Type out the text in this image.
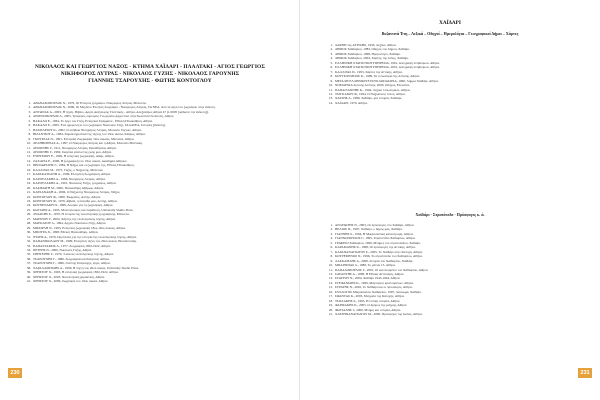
ΝΙΚΟΛΑΟΣ ΚΑΙ ΓΕΩΡΓΙΟΣ ΝΑΞΟΣ - ΚΤΗΜΑ ΧΑΪΔΑΡΙ - ΠΛΑΛΤΑΚΙ - ΑΓΙΟΣ ΓΕΩΡΓΙΟΣ
ΝΙΚΗΦΟΡΟΣ ΛΥΤΡΑΣ - ΝΙΚΟΛΑΟΣ ΓΥΖΗΣ - ΝΙΚΟΛΑΟΣ ΓΑΡΟΥΝΗΣ
ΓΙΑΝΝΗΣ ΤΣΑΡΟΥΧΗΣ - ΦΩΤΗΣ ΚΟΝΤΟΓΛΟΥ
1. ΑΘΑΝΑΣΟΠΟΥΛΟΣ Ν., 1979, Οι Έλληνες ζωγράφοι. Νικηφόρος Λύτρας, Μέλισσα.
2. ΑΘΑΝΑΣΟΠΟΥΛΟΣ Ν., 2006, Οι Μεγάλοι Έλληνες Ζωγράφοι - Νικηφόρος Λύτρας, ΤΑ ΝΕΑ. Από τα έργα του ζωγράφου στην έκδοση.
3. ΑΝΤΩΝΑΣ Α., 2003, Η τέχνη, Βιβλιο. Αρχές Ανάγλυφης Γλυπτικής - Αθήνα. Αλέξανδρος Αθηνά 47 (1/2005 [ορθώνει την έκδοση]).
4. ΑΡΣΕΝΟΠΟΥΛΟΣ Δ., 2005, Τρυφερός λυρισμός: Γεωργιανό Αρχοντικό στην Κωνσταντινούπολη, Αθήνα.
5. ΒΑΚΑΛΟ Ε., 1964, Το έργο του Γύζη, Ελληνικά Γράμματα - Εθνική Πινακοθήκη, Αθήνα.
6. ΒΑΚΑΛΟ Ε., 2005, Ένα ημερολόγιο του ζωγράφου Νικόλαου Γύζη, ΓΑΛΑΤΕΑ. Ιστορίες [έκδοση].
7. ΒΑΣΣΙΛΕΙΟΥ Κ., 2002, Ο αλήθεια Νικηφόρος Λύτρας, Μουσείο Τεχνών, Αθήνα.
8. ΒΙΖΑΝΤΙΟΥ Α., 1984, Χαρακτηριστικά της τέχνης του 19ου αιώνα, Κέδρος, Αθήνα.
9. ΓΚΟΥΡΔΑΣ Ν., 1991, Ελληνική Ζωγραφική 19ος αιώνας, Μέλισσα, Αθήνα.
10. ΔΕΛΗΒΟΡΡΙΑΣ Α., 1997, Ο Νικηφόρος Λύτρας και η Αθήνα, Μουσείο Μπενάκη.
11. ΔΡΟΣΙΝΗΣ Γ., 1911, Νικηφόρος Λύτρας, Παναθήναια, Αθήνα.
12. ΔΡΟΣΙΝΗΣ Γ., 1982, Σκόρπια φύλλα της ζωής μου, Αθήνα.
13. ΕΥΘΥΜΙΟΥ Ε., 1999, Η ελληνική ζωγραφική, Αδάμ, Αθήνα.
14. ΖΑΧΑΡΙΑ Ε., 2006, Η ζωγραφική του 19ου αιώνα, Ακαδημία Αθηνών.
15. ΘΕΟΔΩΡΙΔΗΣ Γ., 1984, Η Νάξος και οι ζωγράφοι της, Εθνική Πινακοθήκη.
16. ΚΑΛΛΙΓΑΣ Μ., 1975, Γύζης, ο Ναξιώτης, Μέλισσα.
17. ΚΑΡΑΚΑΤΣΑΝΗ Α., 1999, Ελληνική Ζωγραφική, Αθήνα.
18. ΚΑΡΟΥΖΑΚΗΣ Α., 1986, Νικηφόρος Λύτρας, Αθήνα.
19. ΚΑΡΟΥΖΑΚΗΣ Α., 1991, Νικόλαος Γύζης, ζωγράφος, Αθήνα.
20. ΚΑΣΙΜΑΤΗ Μ., 2000, Πινακοθήκη Αβέρωφ, Αθήνα.
21. ΚΑΤΣΑΝΑΚΗ Α., 2006, Ο Ναξιώτης Νικηφόρος Λύτρας, Νάξος.
22. ΚΟΝΤΟΓΛΟΥ Φ., 1960, Έκφρασις, Αστήρ, Αθήνα.
23. ΚΟΝΤΟΓΛΟΥ Φ., 1979, Αϊβαλί, η πατρίδα μου, Αστήρ, Αθήνα.
24. ΚΟΥΝΕΝΑΚΗ Π., 1999, Δοκίμιο για τη ζωγραφική, Αθήνα.
25. ΚΩΤΙΔΗΣ Α., 1995, Μοντερνισμός και παράδοση, University Studio Press.
26. ΛΥΔΑΚΗΣ Σ., 1976, Η ιστορία της νεοελληνικής ζωγραφικής, Μέλισσα.
27. ΜΑΡΙΝΟΥ Γ., 2004, Χάρτης της νεοελληνικής τέχνης, Αθήνα.
28. ΜΑΡΚΑΤΟΥ Δ., 1994, Αρχείο Νικόλαου Γύζη, Αθήνα.
29. ΜΙΣΣΙΡΛΗ Ν., 1993, Ελληνική ζωγραφική 18ος-19ος αιώνας, Αθήνα.
30. ΜΠΟΥΡΑ Χ., 1998, Εθνική Πινακοθήκη, Αθήνα.
31. ΞΥΔΗΣ Α., 1976, Προτάσεις για την ιστορία της νεοελληνικής τέχνης, Αθήνα.
32. ΠΑΠΑΝΙΚΟΛΑΟΥ Μ., 1999, Ελληνική τέχνη του 20ού αιώνα, Θεσσαλονίκη.
33. ΠΑΠΑΣΤΑΜΟΣ Δ., 1977, Ζωγραφική 1832-1922, Αθήνα.
34. ΠΕΤΡΗΣ Ν., 2000, Νικόλαος Γύζης, Αθήνα.
35. ΣΠΗΤΕΡΗΣ Τ., 1979, 3 αιώνες νεοελληνικής τέχνης, Αθήνα.
36. ΤΣΑΡΟΥΧΗΣ Γ., 1986, Ζωγραφικά και θεατρικά, Αθήνα.
37. ΤΣΑΡΟΥΧΗΣ Γ., 1996, Γιάννης Τσαρούχης, έργα, Αθήνα.
38. ΧΑΡΑΛΑΜΠΙΔΗΣ Α., 1990, Η τέχνη του 20ού αιώνα, University Studio Press.
39. ΧΡΗΣΤΟΥ Χ., 1993, Η ελληνική ζωγραφική 1832-1922, Αθήνα.
40. ΧΡΗΣΤΟΥ Χ., 2003, Νεοελληνική χαρακτική, Αθήνα.
41. ΧΡΗΣΤΟΥ Χ., 2006, Ζωγράφοι του 19ου αιώνα, Αθήνα.
230
ΧΑΪΔΑΡΙ
Βυζαντινά Έτη – Λεξικά – Οδηγοί – Ημερολόγια – Γεωγραφικοί Δήμοι – Χάρτες
1. ΔΑΦΝΗ της ΑΤΤΙΚΗΣ, 1959, Λεξικό, Αθήνα.
2. ΔΗΜΟΣ Χαϊδαρίου, 1983, Οδηγός του Δήμου, Χαϊδάρι.
3. ΔΗΜΟΣ Χαϊδαρίου, 1998, Ημερολόγιο, Χαϊδάρι.
4. ΔΗΜΟΣ Χαϊδαρίου, 2004, Χάρτης της πόλης, Χαϊδάρι.
5. ΕΛΛΗΝΙΚΗ ΣΤΑΤΙΣΤΙΚΗ ΥΠΗΡΕΣΙΑ, 1991, Απογραφή πληθυσμού, Αθήνα.
6. ΕΛΛΗΝΙΚΗ ΣΤΑΤΙΣΤΙΚΗ ΥΠΗΡΕΣΙΑ, 2001, Απογραφή πληθυσμού, Αθήνα.
7. ΚΑΛΛΙΓΑΣ Π., 1993, Χάρτες της Αττικής, Αθήνα.
8. ΚΟΥΤΣΟΥΜΠΟΣ Κ., 1999, Τα τοπωνύμια της Αττικής, Αθήνα.
9. ΜΕΓΑΛΗ ΕΛΛΗΝΙΚΗ ΕΓΚΥΚΛΟΠΑΙΔΕΙΑ, 1960, Λήμμα Χαϊδάρι, Αθήνα.
10. ΝΟΜΑΡΧΙΑ Δυτικής Αττικής, 2000, Οδηγός, Ελευσίνα.
11. ΠΑΠΑΓΙΑΝΝΗΣ Κ., 1994, Λεξικό τοπωνυμίων, Αθήνα.
12. ΤΣΙΓΚΑΚΟΥ Φ., 1994, Ο Ναξιώτικος τόπος, Αθήνα.
13. ΧΑΤΖΗΣ Δ., 1989, Χαϊδάρι, μια ιστορία, Χαϊδάρι.
14. ΧΑΪΔΑΡΙ, 1970, Αθήνα.
Χαϊδάρι - Στρατόπεδο - Πρόσφυγες κ. ά.
1. ΑΝΔΡΙΩΤΗΣ Ν., 2003, Οι πρόσφυγες στο Χαϊδάρι, Αθήνα.
2. ΒΕΛΙΟΣ Π., 1997, Χαϊδάρι, ο δήμος μας, Χαϊδάρι.
3. ΓΙΑΝΝΗΣ Σ., 1994, Η Μικρασιατική καταστροφή, Αθήνα.
4. ΓΙΑΝΝΟΠΟΥΛΟΣ Γ., 1995, Στρατόπεδο Χαϊδαρίου, Αθήνα.
5. ΓΡΑΦΕΙΟ Χαϊδαρίου, 1999, Μνήμες του στρατοπέδου, Χαϊδάρι.
6. ΚΑΡΑΜΑΝΗΣ Κ., 1998, Οι πρόσφυγες της Αττικής, Αθήνα.
7. ΚΑΡΑΠΑΝΑΓΙΩΤΟΥ Σ., 2005, Το Χαϊδάρι στην Κατοχή, Αθήνα.
8. ΚΟΥΡΕΜΕΝΟΣ Ν., 1996, Το στρατόπεδο του Χαϊδαρίου, Αθήνα.
9. ΛΑΣΚΑΡΙΔΗΣ Α., 2000, Ιστορία του Χαϊδαρίου, Χαϊδάρι.
10. ΜΠΑΡΜΠΑΣ Δ., 1986, Το μπλοκ 15, Αθήνα.
11. ΠΑΠΑΔΟΠΟΥΛΟΣ Γ., 2001, Οι εκτελεσμένοι του Χαϊδαρίου, Αθήνα.
12. ΣΑΡΑΝΤΗΣ Α., 1998, Η Εθνική Αντίσταση, Αθήνα.
13. ΣΤΑΥΡΟΥ Ν., 2004, Χαϊδάρι 1943-1944, Αθήνα.
14. ΣΤΕΦΑΝΙΔΗΣ Κ., 1999, Μαρτυρίες κρατουμένων, Αθήνα.
15. ΣΤΡΑΤΗΣ Ν., 2002, Το Χαϊδάρι και οι πρόσφυγες, Αθήνα.
16. ΣΥΛΛΟΓΟΣ Μικρασιατών Χαϊδαρίου, 1997, Λεύκωμα, Χαϊδάρι.
17. ΣΦΑΝΤΑΣ Κ., 2003, Μνημεία της Κατοχής, Αθήνα.
18. ΤΣΟΛΑΚΗΣ Δ., 1995, Η τοπική ιστορία, Αθήνα.
19. ΦΑΡΜΑΚΗΣ Κ., 2005, Ο δρόμος της μνήμης, Αθήνα.
20. ΦΩΤΙΑΔΗΣ Ι., 2006, Μνήμη και ιστορία, Αθήνα.
21. ΧΑΤΖΗΠΑΝΑΓΙΩΤΟΥ Μ., 2000, Πρόσφυγες της Ιωνίας, Αθήνα.
231
